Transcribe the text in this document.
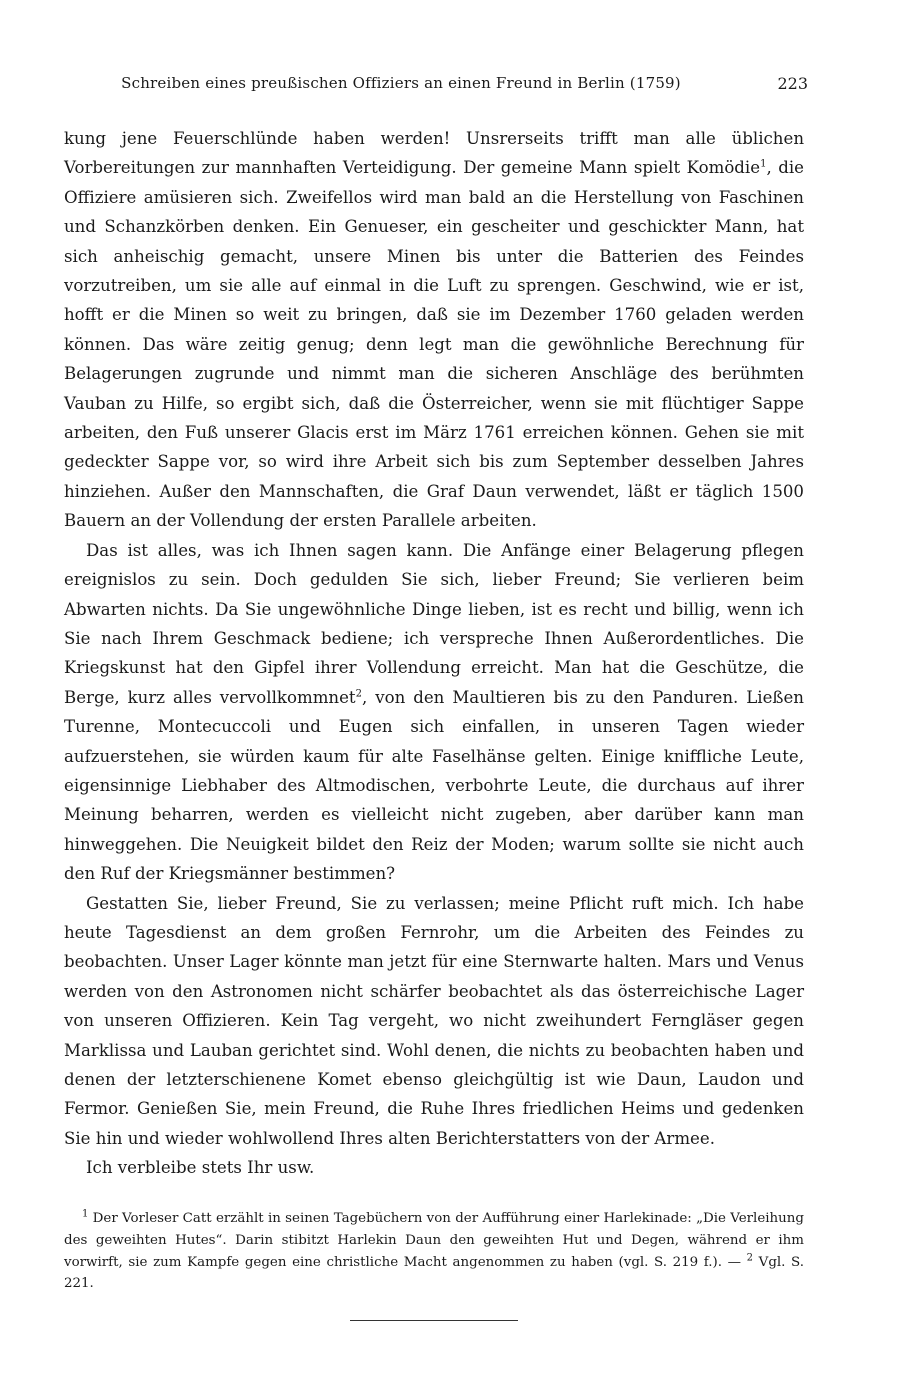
Schreiben eines preußischen Offiziers an einen Freund in Berlin (1759)	223

kung jene Feuerschlünde haben werden! Unsrerseits trifft man alle üblichen Vorbereitungen zur mannhaften Verteidigung. Der gemeine Mann spielt Komödie$^1$, die Offiziere amüsieren sich. Zweifellos wird man bald an die Herstellung von Faschinen und Schanzkörben denken. Ein Genueser, ein gescheiter und geschickter Mann, hat sich anheischig gemacht, unsere Minen bis unter die Batterien des Feindes vorzutreiben, um sie alle auf einmal in die Luft zu sprengen. Geschwind, wie er ist, hofft er die Minen so weit zu bringen, daß sie im Dezember 1760 geladen werden können. Das wäre zeitig genug; denn legt man die gewöhnliche Berechnung für Belagerungen zugrunde und nimmt man die sicheren Anschläge des berühmten Vauban zu Hilfe, so ergibt sich, daß die Österreicher, wenn sie mit flüchtiger Sappe arbeiten, den Fuß unserer Glacis erst im März 1761 erreichen können. Gehen sie mit gedeckter Sappe vor, so wird ihre Arbeit sich bis zum September desselben Jahres hinziehen. Außer den Mannschaften, die Graf Daun verwendet, läßt er täglich 1500 Bauern an der Vollendung der ersten Parallele arbeiten.

Das ist alles, was ich Ihnen sagen kann. Die Anfänge einer Belagerung pflegen ereignislos zu sein. Doch gedulden Sie sich, lieber Freund; Sie verlieren beim Abwarten nichts. Da Sie ungewöhnliche Dinge lieben, ist es recht und billig, wenn ich Sie nach Ihrem Geschmack bediene; ich verspreche Ihnen Außerordentliches. Die Kriegskunst hat den Gipfel ihrer Vollendung erreicht. Man hat die Geschütze, die Berge, kurz alles vervollkommnet$^2$, von den Maultieren bis zu den Panduren. Ließen Turenne, Montecuccoli und Eugen sich einfallen, in unseren Tagen wieder aufzuerstehen, sie würden kaum für alte Faselhänse gelten. Einige kniffliche Leute, eigensinnige Liebhaber des Altmodischen, verbohrte Leute, die durchaus auf ihrer Meinung beharren, werden es vielleicht nicht zugeben, aber darüber kann man hinweggehen. Die Neuigkeit bildet den Reiz der Moden; warum sollte sie nicht auch den Ruf der Kriegsmänner bestimmen?

Gestatten Sie, lieber Freund, Sie zu verlassen; meine Pflicht ruft mich. Ich habe heute Tagesdienst an dem großen Fernrohr, um die Arbeiten des Feindes zu beobachten. Unser Lager könnte man jetzt für eine Sternwarte halten. Mars und Venus werden von den Astronomen nicht schärfer beobachtet als das österreichische Lager von unseren Offizieren. Kein Tag vergeht, wo nicht zweihundert Ferngläser gegen Marklissa und Lauban gerichtet sind. Wohl denen, die nichts zu beobachten haben und denen der letzterschienene Komet ebenso gleichgültig ist wie Daun, Laudon und Fermor. Genießen Sie, mein Freund, die Ruhe Ihres friedlichen Heims und gedenken Sie hin und wieder wohlwollend Ihres alten Berichterstatters von der Armee.

Ich verbleibe stets Ihr usw.

$^1$ Der Vorleser Catt erzählt in seinen Tagebüchern von der Aufführung einer Harlekinade: „Die Verleihung des geweihten Hutes“. Darin stibitzt Harlekin Daun den geweihten Hut und Degen, während er ihm vorwirft, sie zum Kampfe gegen eine christliche Macht angenommen zu haben (vgl. S. 219 f.). — $^2$ Vgl. S. 221.
